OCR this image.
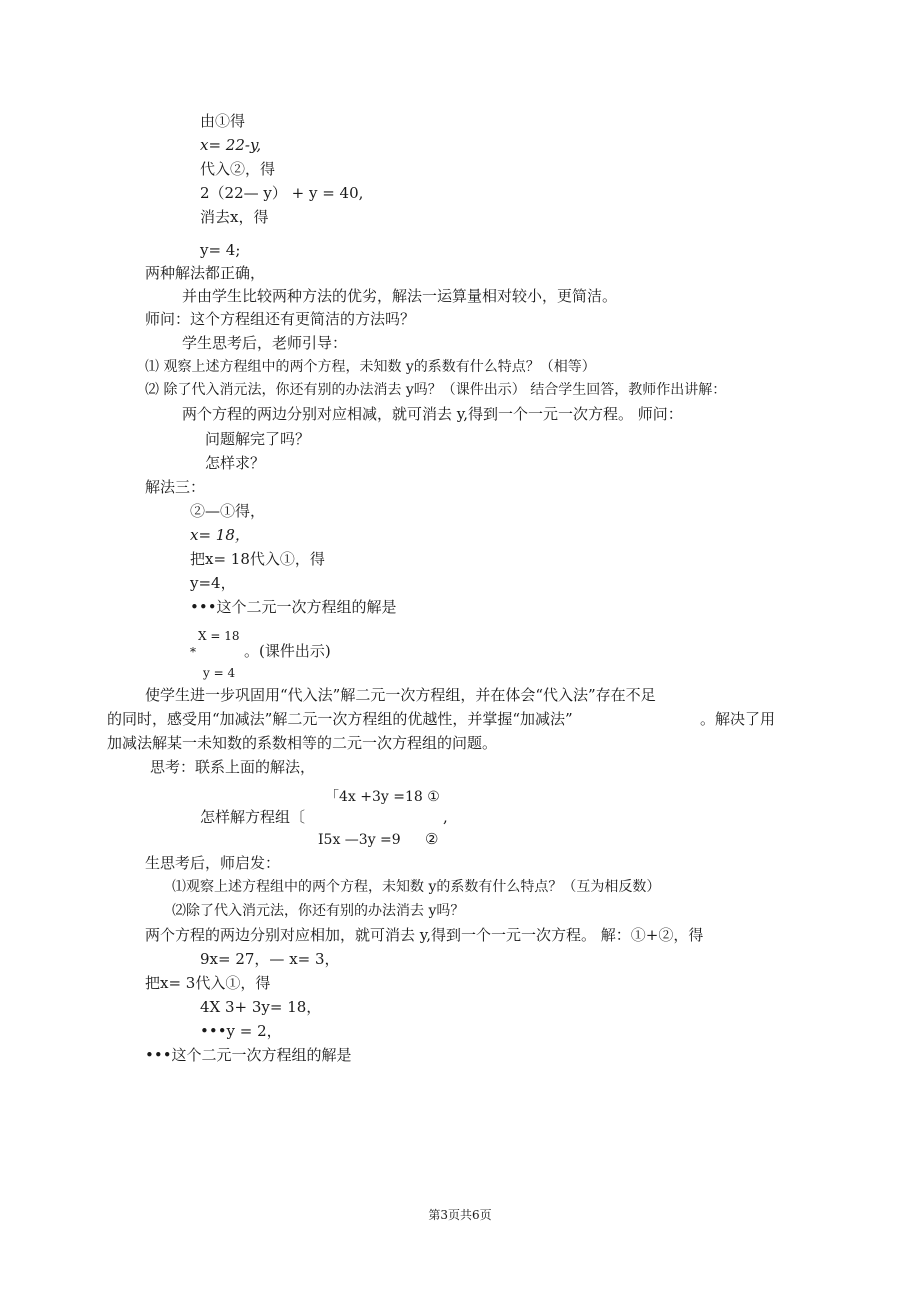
由①得
x= 22-y,
代入②，得
2（22— y） + y = 40,
消去x，得
y= 4;
两种解法都正确，
并由学生比较两种方法的优劣，解法一运算量相对较小，更简洁。
师问：这个方程组还有更简洁的方法吗？
学生思考后，老师引导：
⑴ 观察上述方程组中的两个方程，未知数 y的系数有什么特点？（相等）
⑵ 除了代入消元法，你还有别的办法消去 y吗？（课件出示） 结合学生回答，教师作出讲解：
两个方程的两边分别对应相减，就可消去 y,得到一个一元一次方程。 师问：
问题解完了吗？
怎样求？
解法三：
②—①得，
x= 18，
把x= 18代入①，得
y=4，
•••这个二元一次方程组的解是
X = 18
*	。(课件出示)
y = 4
使学生进一步巩固用“代入法”解二元一次方程组，并在体会“代入法”存在不足
的同时，感受用“加减法”解二元一次方程组的优越性，并掌握“加减法”	。解决了用
加减法解某一未知数的系数相等的二元一次方程组的问题。
思考：联系上面的解法，
「4x +3y =18 ①
怎样解方程组〔	,
I5x —3y =9 ②
生思考后，师启发：
⑴观察上述方程组中的两个方程，未知数 y的系数有什么特点？（互为相反数）
⑵除了代入消元法，你还有别的办法消去 y吗？
两个方程的两边分别对应相加，就可消去 y,得到一个一元一次方程。 解：①+②，得
9x= 27，— x= 3，
把x= 3代入①，得
4X 3+ 3y= 18，
•••y = 2，
•••这个二元一次方程组的解是
第3页共6页
